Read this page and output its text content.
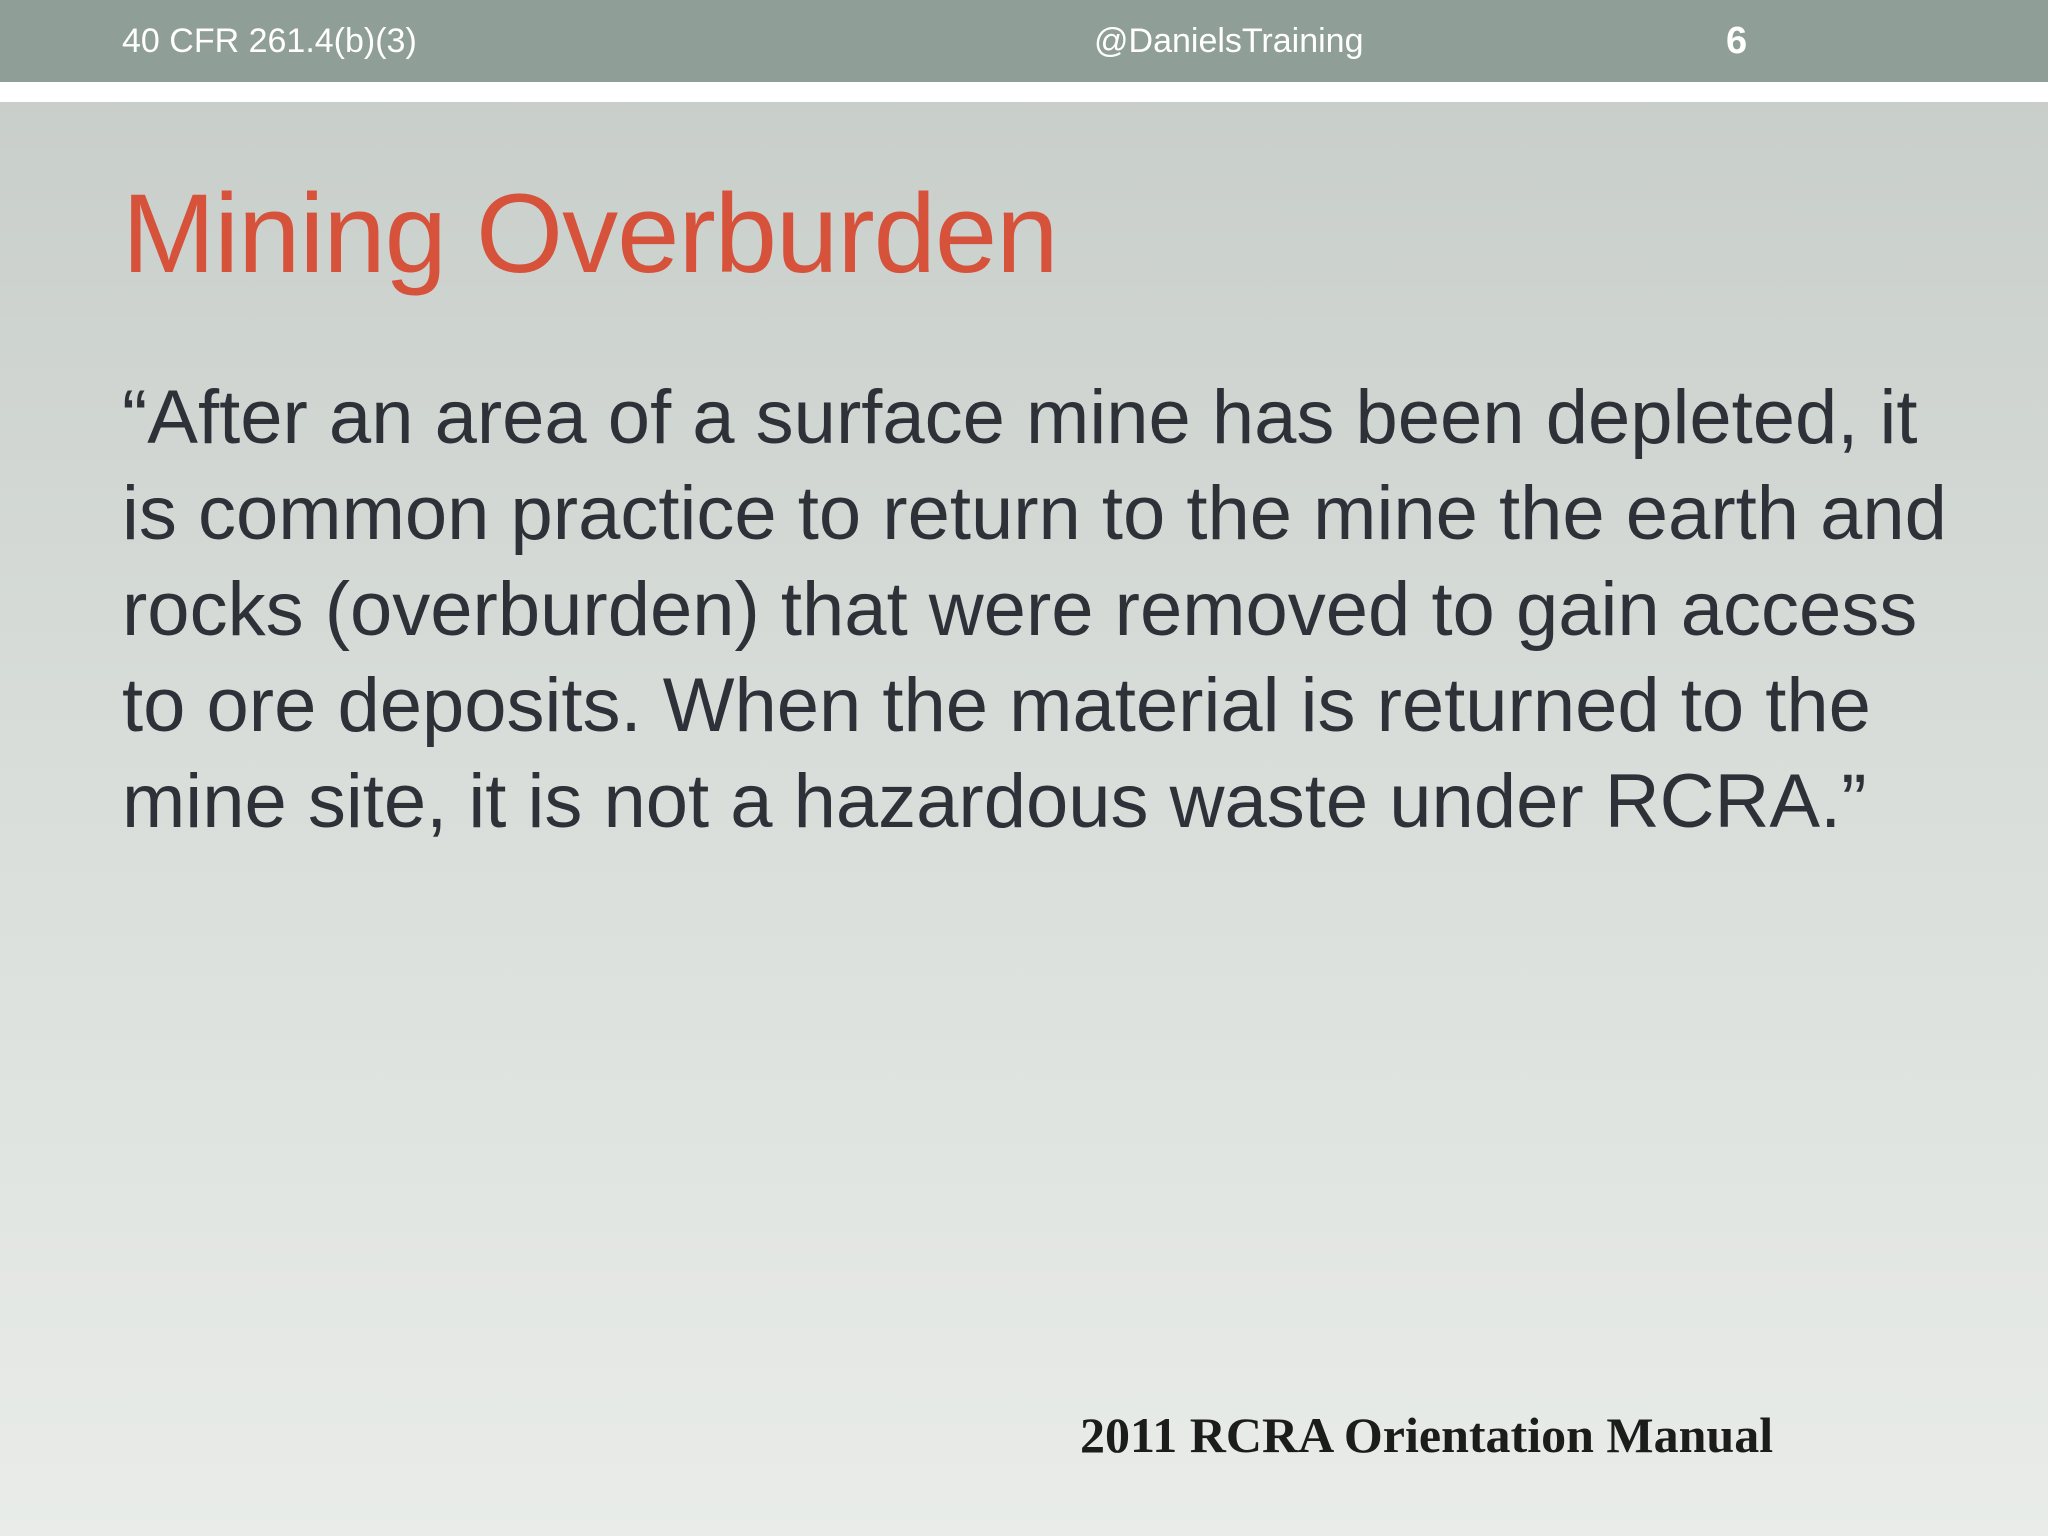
40 CFR 261.4(b)(3)	@DanielsTraining	6
Mining Overburden

“After an area of a surface mine has been depleted, it is common practice to return to the mine the earth and rocks (overburden) that were removed to gain access to ore deposits. When the material is returned to the mine site, it is not a hazardous waste under RCRA.”

2011 RCRA Orientation Manual
